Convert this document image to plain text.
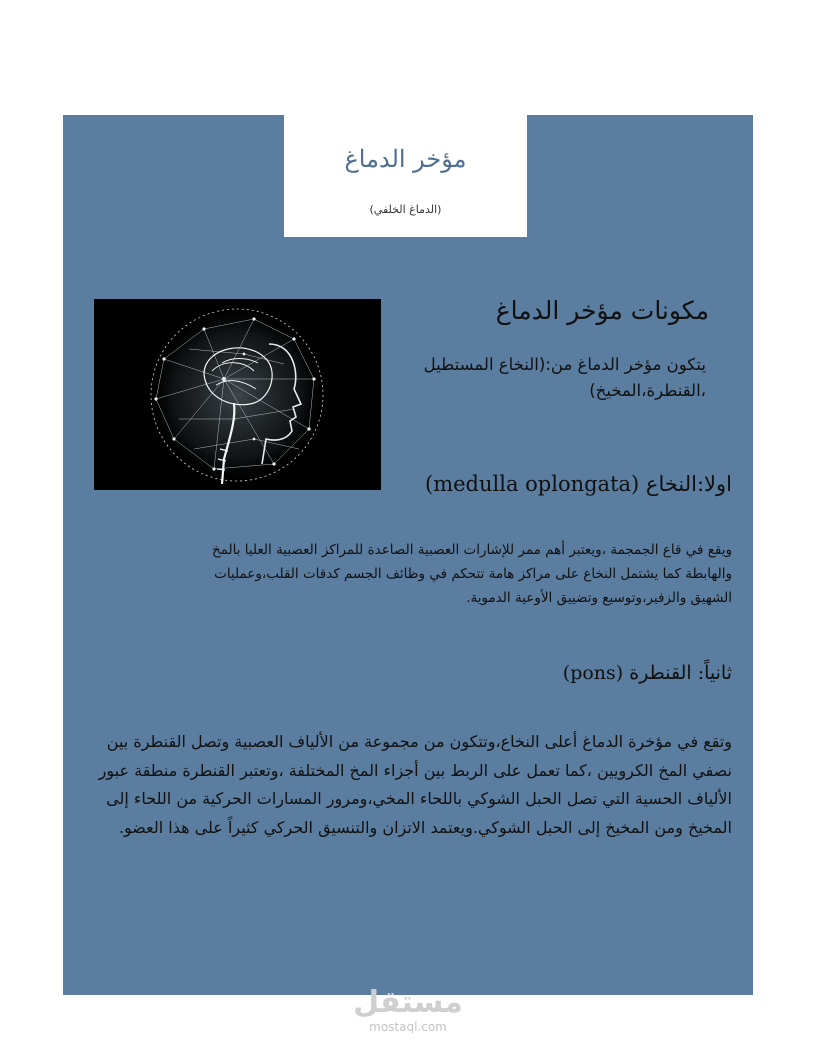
مؤخر الدماغ
(الدماغ الخلفي)
مكونات مؤخر الدماغ
يتكون مؤخر الدماغ من:(النخاع المستطيل ،القنطرة،المخيخ)
اولا:النخاع (medulla oplongata)
ويقع في قاع الجمجمة ،ويعتبر أهم ممر للإشارات العصبية الصاعدة للمراكز العصبية العليا بالمخ والهابطة كما يشتمل النخاع على مراكز هامة تتحكم في وظائف الجسم كدقات القلب،وعمليات الشهيق والزفير،وتوسيع وتضييق الأوعية الدموية.
ثانياً: القنطرة (pons)
وتقع في مؤخرة الدماغ أعلى النخاع،وتتكون من مجموعة من الألياف العصبية وتصل القنطرة بين نصفي المخ الكرويين ،كما تعمل على الربط بين أجزاء المخ المختلفة ،وتعتبر القنطرة منطقة عبور الألياف الحسية التي تصل الحبل الشوكي باللحاء المخي،ومرور المسارات الحركية من اللحاء إلى المخيخ ومن المخيخ إلى الحبل الشوكي.ويعتمد الاتزان والتنسيق الحركي كثيراً على هذا العضو.
مستقل
mostaql.com
